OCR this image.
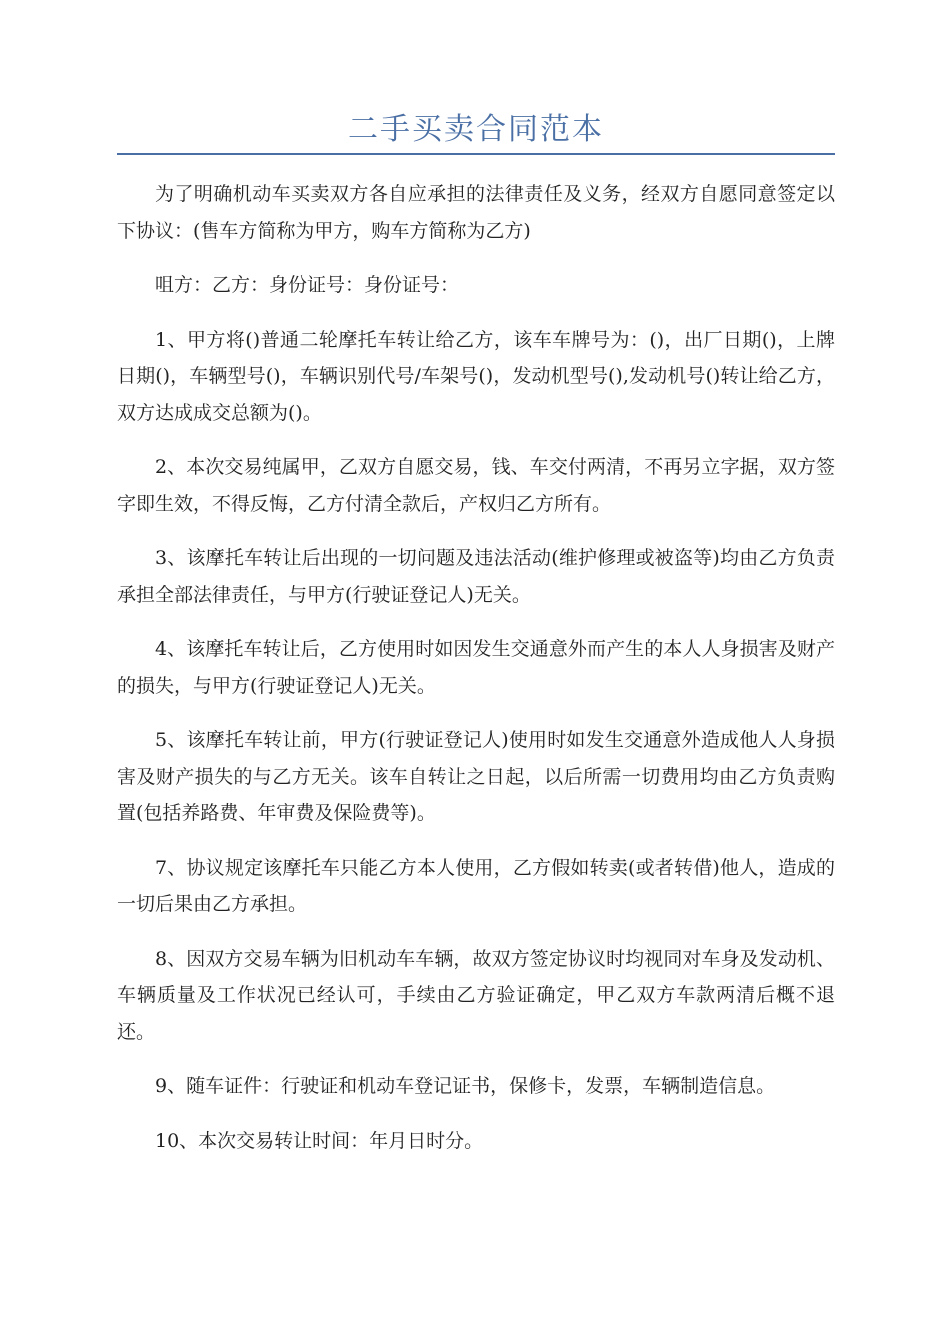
二手买卖合同范本

为了明确机动车买卖双方各自应承担的法律责任及义务，经双方自愿同意签定以下协议：(售车方简称为甲方，购车方简称为乙方)

咀方：乙方：身份证号：身份证号：

1、甲方将()普通二轮摩托车转让给乙方，该车车牌号为：()，出厂日期()，上牌日期()，车辆型号()，车辆识别代号/车架号()，发动机型号(),发动机号()转让给乙方，双方达成成交总额为()。

2、本次交易纯属甲，乙双方自愿交易，钱、车交付两清，不再另立字据，双方签字即生效，不得反悔，乙方付清全款后，产权归乙方所有。

3、该摩托车转让后出现的一切问题及违法活动(维护修理或被盗等)均由乙方负责承担全部法律责任，与甲方(行驶证登记人)无关。

4、该摩托车转让后，乙方使用时如因发生交通意外而产生的本人人身损害及财产的损失，与甲方(行驶证登记人)无关。

5、该摩托车转让前，甲方(行驶证登记人)使用时如发生交通意外造成他人人身损害及财产损失的与乙方无关。该车自转让之日起，以后所需一切费用均由乙方负责购置(包括养路费、年审费及保险费等)。

7、协议规定该摩托车只能乙方本人使用，乙方假如转卖(或者转借)他人，造成的一切后果由乙方承担。

8、因双方交易车辆为旧机动车车辆，故双方签定协议时均视同对车身及发动机、车辆质量及工作状况已经认可，手续由乙方验证确定，甲乙双方车款两清后概不退还。

9、随车证件：行驶证和机动车登记证书，保修卡，发票，车辆制造信息。

10、本次交易转让时间：年月日时分。
